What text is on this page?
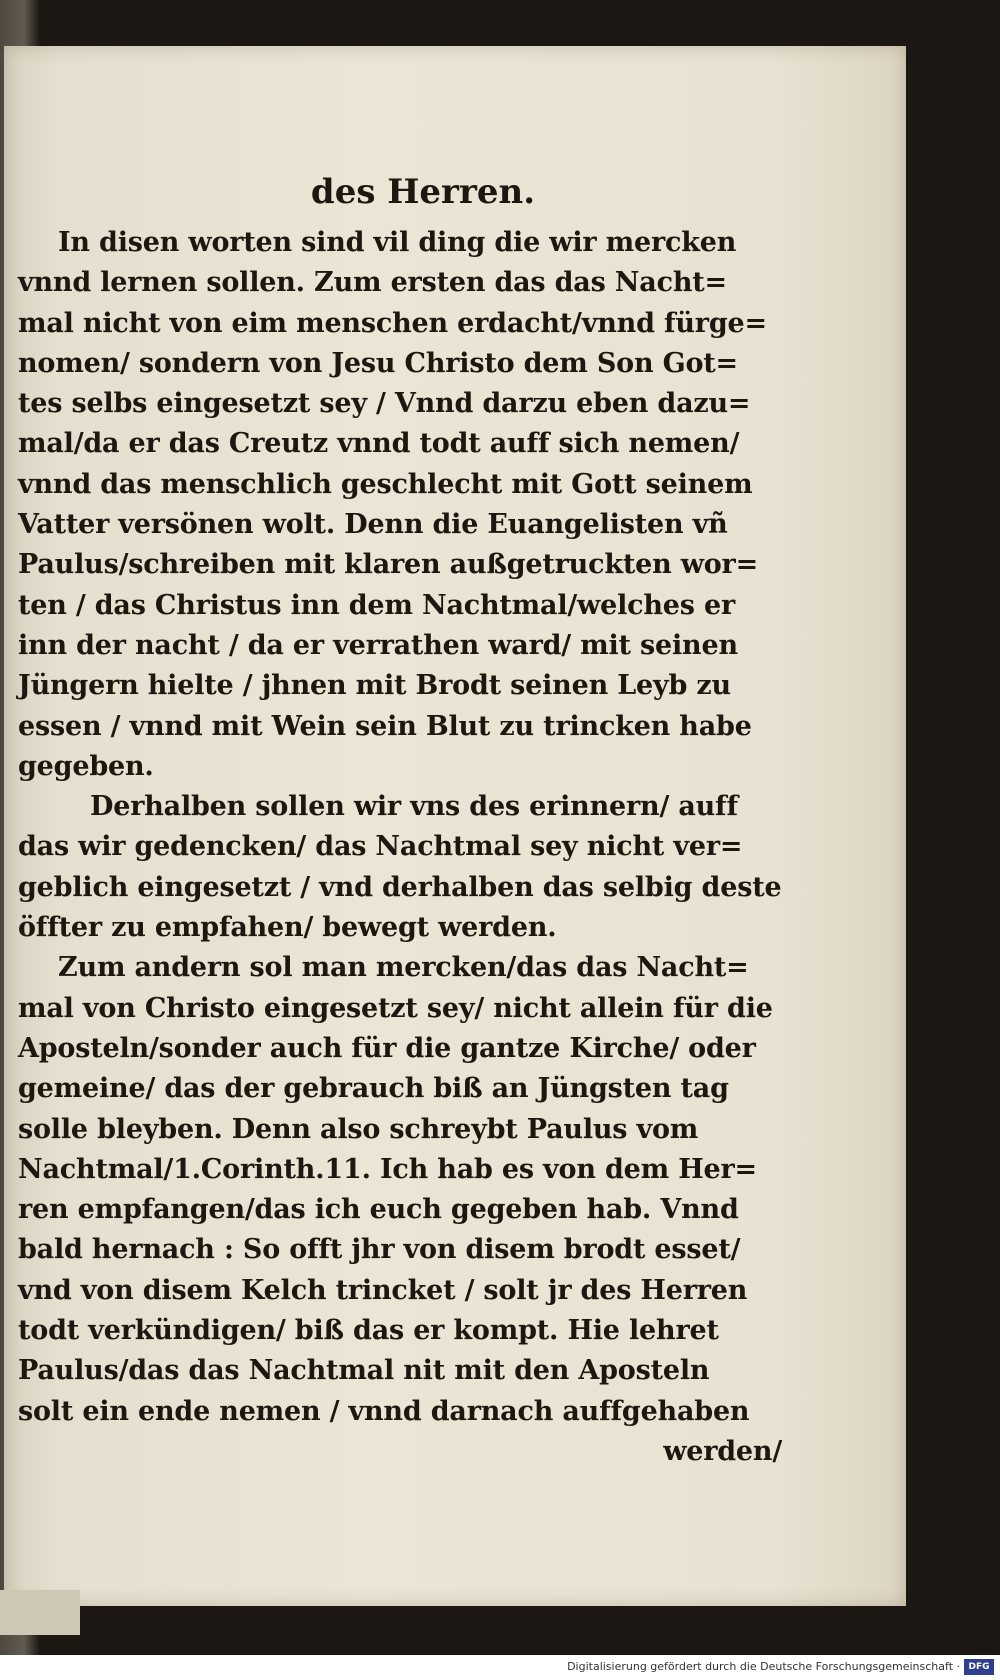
des Herren.
In disen worten sind vil ding die wir mercken
vnnd lernen sollen. Zum ersten das das Nacht=
mal nicht von eim menschen erdacht/vnnd fürge=
nomen/ sondern von Jesu Christo dem Son Got=
tes selbs eingesetzt sey / Vnnd darzu eben dazu=
mal/da er das Creutz vnnd todt auff sich nemen/
vnnd das menschlich geschlecht mit Gott seinem
Vatter versönen wolt. Denn die Euangelisten vñ
Paulus/schreiben mit klaren außgetruckten wor=
ten / das Christus inn dem Nachtmal/welches er
inn der nacht / da er verrathen ward/ mit seinen
Jüngern hielte / jhnen mit Brodt seinen Leyb zu
essen / vnnd mit Wein sein Blut zu trincken habe
gegeben.
Derhalben sollen wir vns des erinnern/ auff
das wir gedencken/ das Nachtmal sey nicht ver=
geblich eingesetzt / vnd derhalben das selbig deste
öffter zu empfahen/ bewegt werden.
Zum andern sol man mercken/das das Nacht=
mal von Christo eingesetzt sey/ nicht allein für die
Aposteln/sonder auch für die gantze Kirche/ oder
gemeine/ das der gebrauch biß an Jüngsten tag
solle bleyben. Denn also schreybt Paulus vom
Nachtmal/1.Corinth.11. Ich hab es von dem Her=
ren empfangen/das ich euch gegeben hab. Vnnd
bald hernach : So offt jhr von disem brodt esset/
vnd von disem Kelch trincket / solt jr des Herren
todt verkündigen/ biß das er kompt. Hie lehret
Paulus/das das Nachtmal nit mit den Aposteln
solt ein ende nemen / vnnd darnach auffgehaben
werden/
Digitalisierung gefördert durch die Deutsche Forschungsgemeinschaft · DFG
